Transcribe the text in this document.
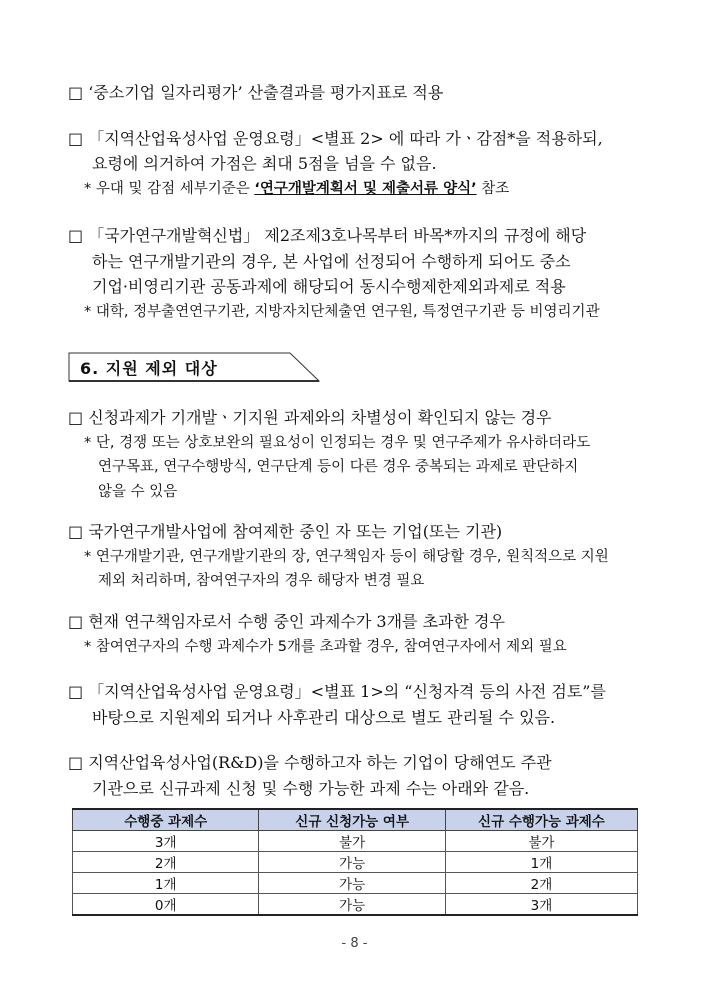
□ ‘중소기업 일자리평가’ 산출결과를 평가지표로 적용
□ 「지역산업육성사업 운영요령」<별표 2> 에 따라 가ㆍ감점*을 적용하되,
요령에 의거하여 가점은 최대 5점을 넘을 수 없음.
* 우대 및 감점 세부기준은 ‘연구개발계획서 및 제출서류 양식’ 참조
□ 「국가연구개발혁신법」 제2조제3호나목부터 바목*까지의 규정에 해당
하는 연구개발기관의 경우, 본 사업에 선정되어 수행하게 되어도 중소
기업·비영리기관 공동과제에 해당되어 동시수행제한제외과제로 적용
* 대학, 정부출연연구기관, 지방자치단체출연 연구원, 특정연구기관 등 비영리기관
6. 지원 제외 대상
□ 신청과제가 기개발ㆍ기지원 과제와의 차별성이 확인되지 않는 경우
* 단, 경쟁 또는 상호보완의 필요성이 인정되는 경우 및 연구주제가 유사하더라도
연구목표, 연구수행방식, 연구단계 등이 다른 경우 중복되는 과제로 판단하지
않을 수 있음
□ 국가연구개발사업에 참여제한 중인 자 또는 기업(또는 기관)
* 연구개발기관, 연구개발기관의 장, 연구책임자 등이 해당할 경우, 원칙적으로 지원
제외 처리하며, 참여연구자의 경우 해당자 변경 필요
□ 현재 연구책임자로서 수행 중인 과제수가 3개를 초과한 경우
* 참여연구자의 수행 과제수가 5개를 초과할 경우, 참여연구자에서 제외 필요
□ 「지역산업육성사업 운영요령」<별표 1>의 “신청자격 등의 사전 검토”를
바탕으로 지원제외 되거나 사후관리 대상으로 별도 관리될 수 있음.
□ 지역산업육성사업(R&D)을 수행하고자 하는 기업이 당해연도 주관
기관으로 신규과제 신청 및 수행 가능한 과제 수는 아래와 같음.
수행중 과제수	신규 신청가능 여부	신규 수행가능 과제수
3개	불가	불가
2개	가능	1개
1개	가능	2개
0개	가능	3개
- 8 -
